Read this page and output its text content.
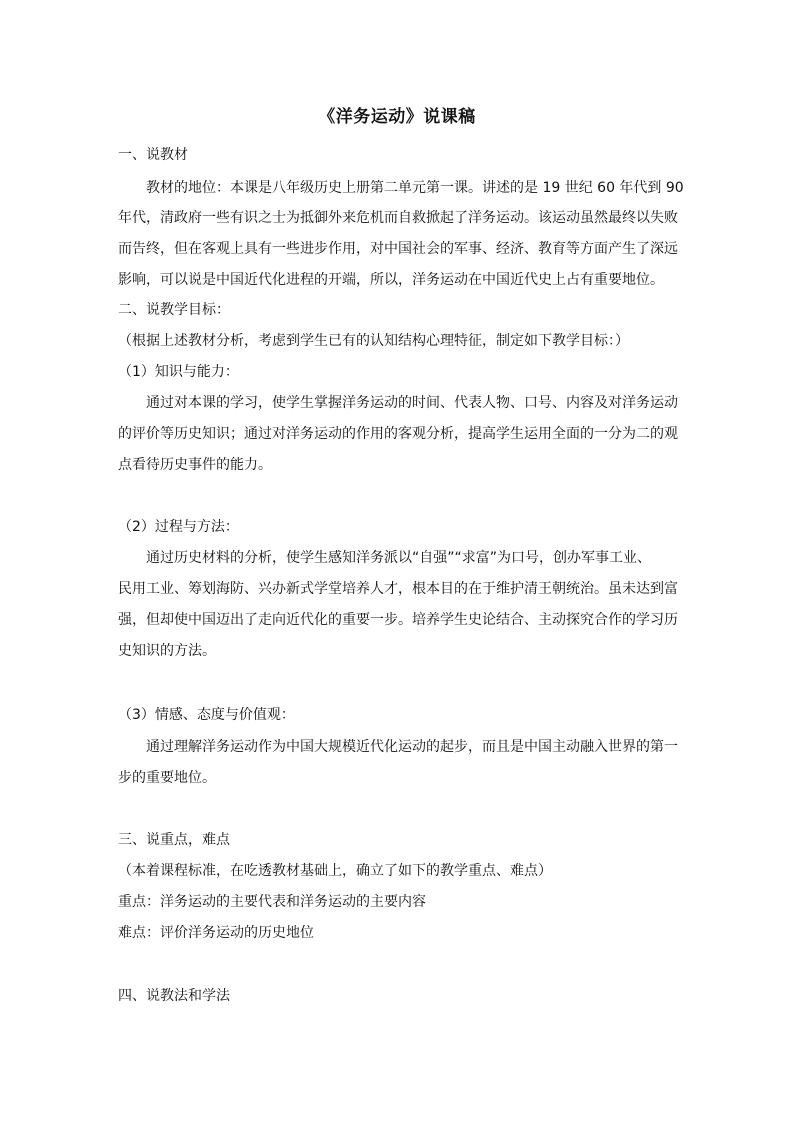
《洋务运动》说课稿
一、说教材
教材的地位：本课是八年级历史上册第二单元第一课。讲述的是 19 世纪 60 年代到 90
年代，清政府一些有识之士为抵御外来危机而自救掀起了洋务运动。该运动虽然最终以失败
而告终，但在客观上具有一些进步作用，对中国社会的军事、经济、教育等方面产生了深远
影响，可以说是中国近代化进程的开端，所以，洋务运动在中国近代史上占有重要地位。
二、说教学目标：
（根据上述教材分析，考虑到学生已有的认知结构心理特征，制定如下教学目标：）
（1）知识与能力：
通过对本课的学习，使学生掌握洋务运动的时间、代表人物、口号、内容及对洋务运动
的评价等历史知识；通过对洋务运动的作用的客观分析，提高学生运用全面的一分为二的观
点看待历史事件的能力。
（2）过程与方法：
通过历史材料的分析，使学生感知洋务派以“自强”“求富”为口号，创办军事工业、
民用工业、筹划海防、兴办新式学堂培养人才，根本目的在于维护清王朝统治。虽未达到富
强，但却使中国迈出了走向近代化的重要一步。培养学生史论结合、主动探究合作的学习历
史知识的方法。
（3）情感、态度与价值观：
通过理解洋务运动作为中国大规模近代化运动的起步，而且是中国主动融入世界的第一
步的重要地位。
三、说重点，难点
（本着课程标准，在吃透教材基础上，确立了如下的教学重点、难点）
重点：洋务运动的主要代表和洋务运动的主要内容
难点：评价洋务运动的历史地位
四、说教法和学法
